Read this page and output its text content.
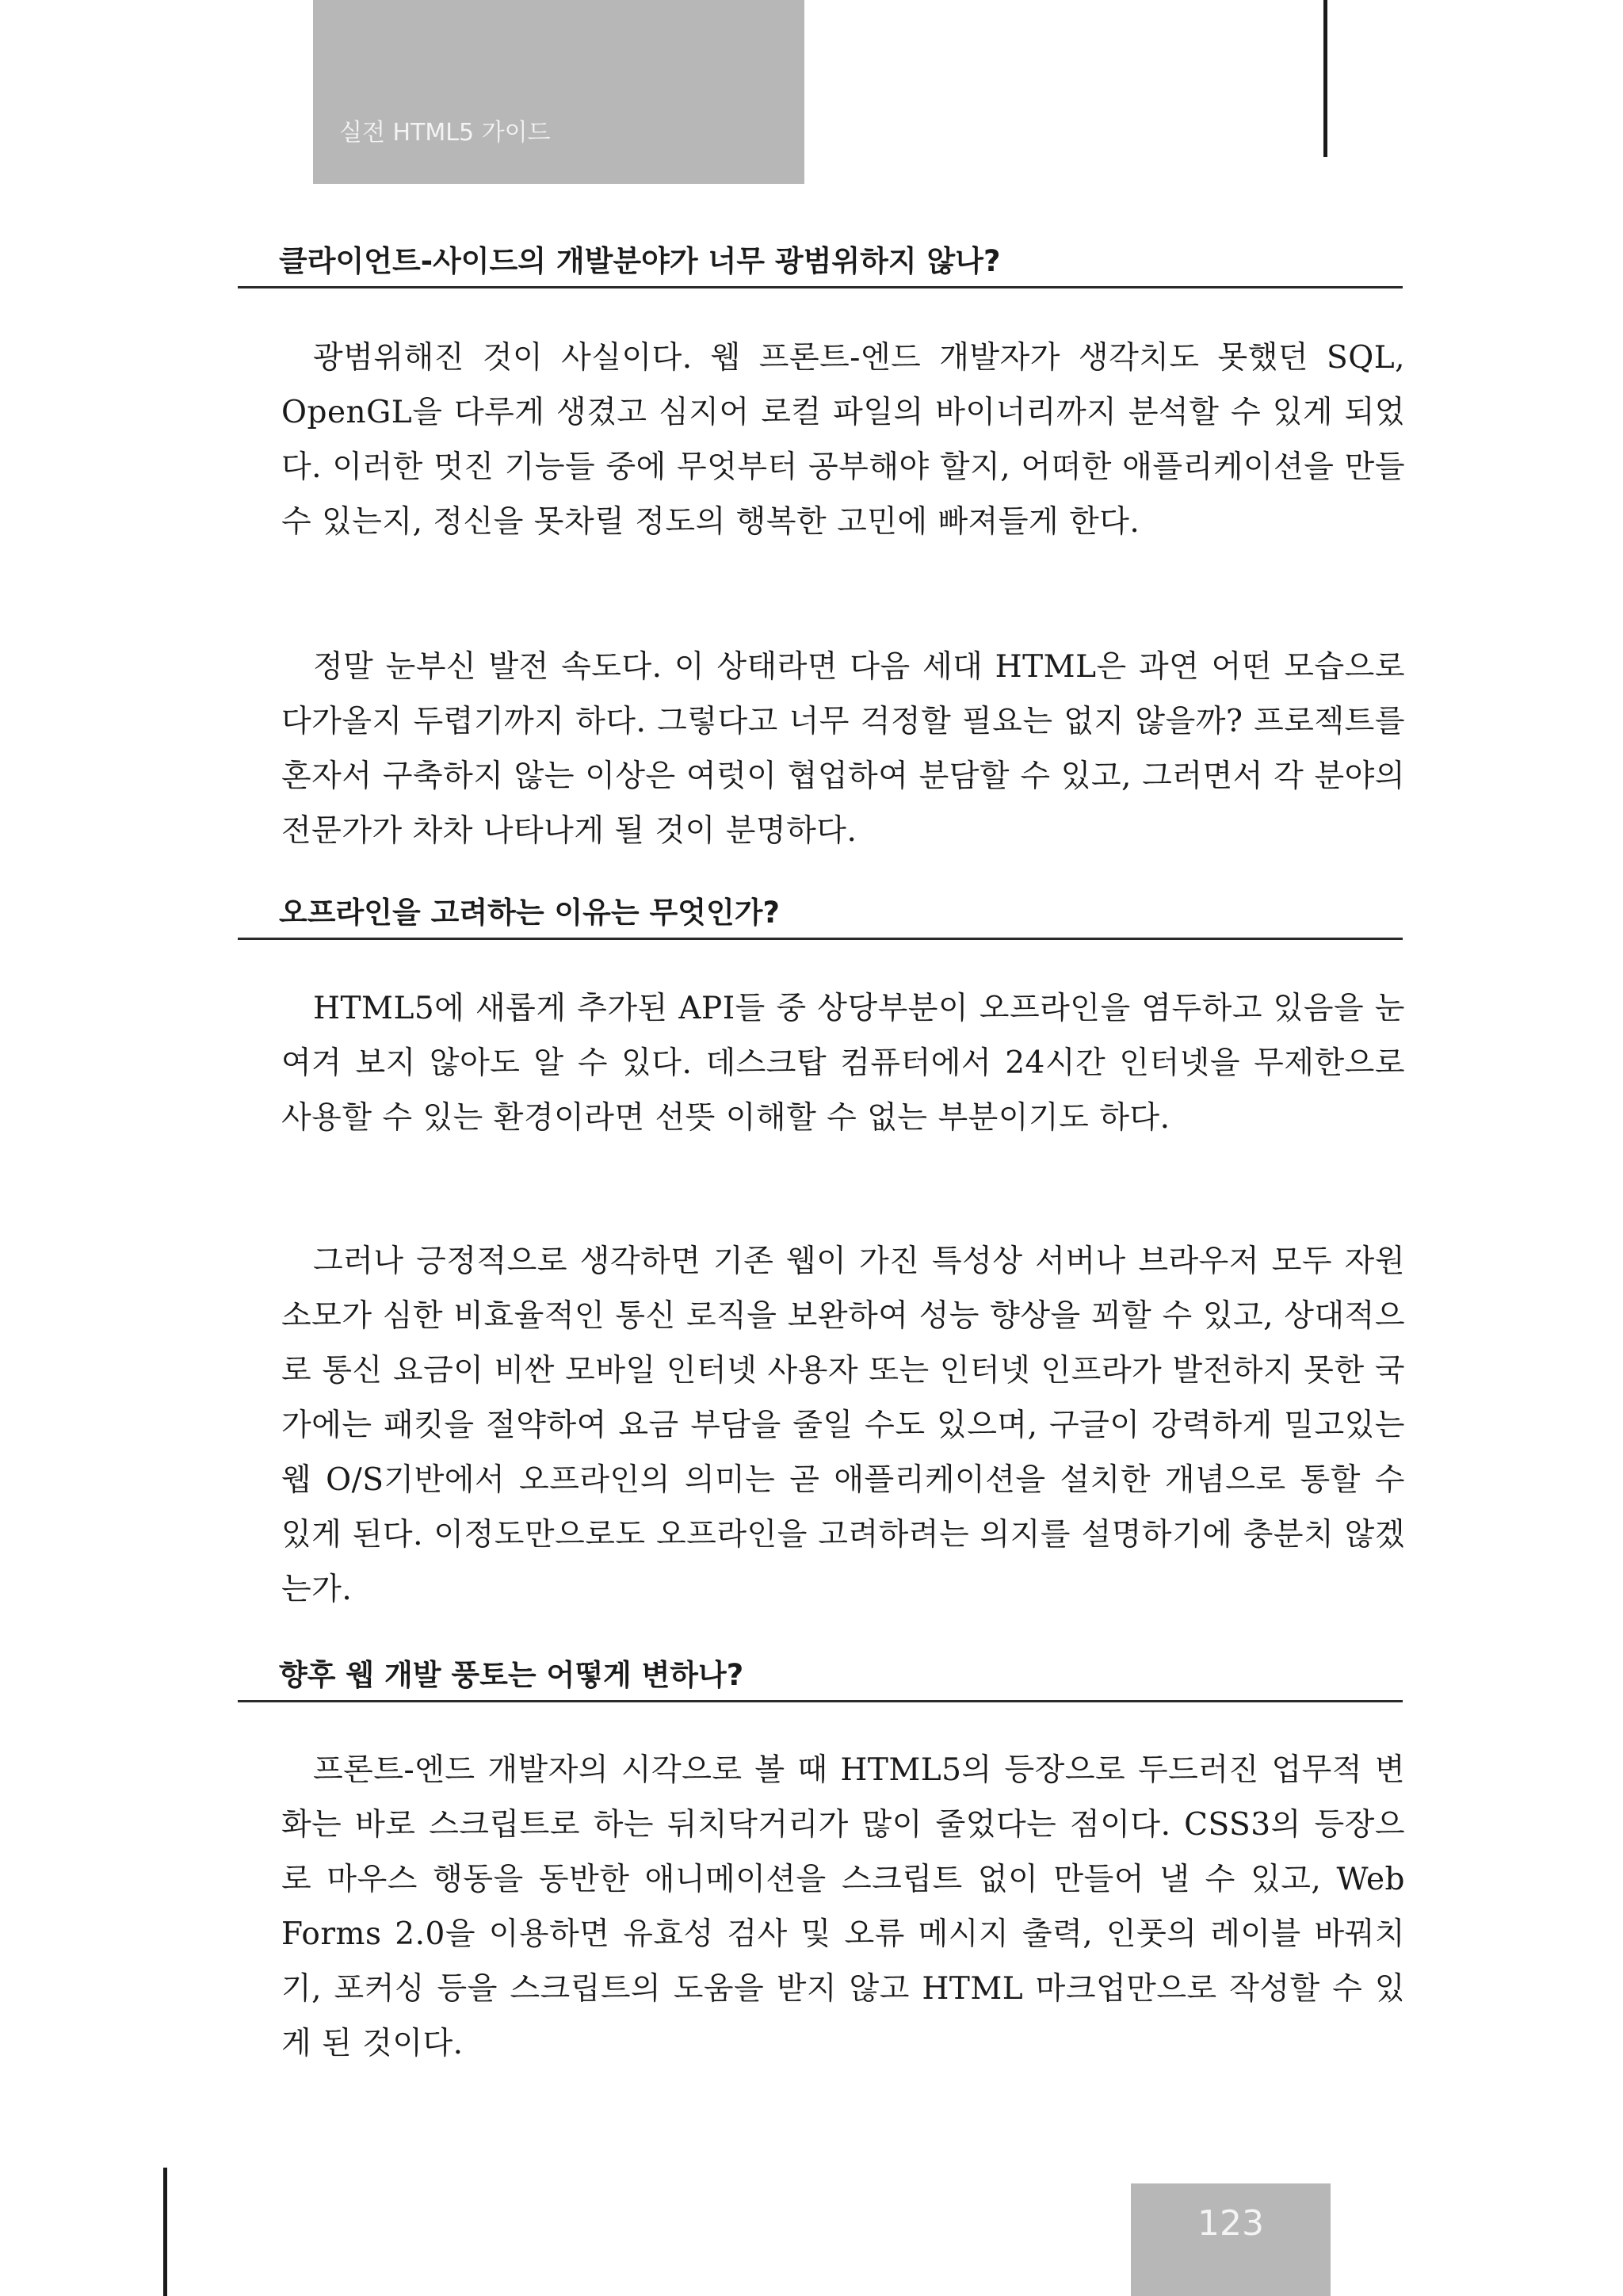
실전 HTML5 가이드
클라이언트-사이드의 개발분야가 너무 광범위하지 않나?

광범위해진 것이 사실이다. 웹 프론트-엔드 개발자가 생각치도 못했던 SQL, OpenGL을 다루게 생겼고 심지어 로컬 파일의 바이너리까지 분석할 수 있게 되었다. 이러한 멋진 기능들 중에 무엇부터 공부해야 할지, 어떠한 애플리케이션을 만들수 있는지, 정신을 못차릴 정도의 행복한 고민에 빠져들게 한다.

정말 눈부신 발전 속도다. 이 상태라면 다음 세대 HTML은 과연 어떤 모습으로 다가올지 두렵기까지 하다. 그렇다고 너무 걱정할 필요는 없지 않을까? 프로젝트를 혼자서 구축하지 않는 이상은 여럿이 협업하여 분담할 수 있고, 그러면서 각 분야의 전문가가 차차 나타나게 될 것이 분명하다.

오프라인을 고려하는 이유는 무엇인가?

HTML5에 새롭게 추가된 API들 중 상당부분이 오프라인을 염두하고 있음을 눈여겨 보지 않아도 알 수 있다. 데스크탑 컴퓨터에서 24시간 인터넷을 무제한으로 사용할 수 있는 환경이라면 선뜻 이해할 수 없는 부분이기도 하다.

그러나 긍정적으로 생각하면 기존 웹이 가진 특성상 서버나 브라우저 모두 자원 소모가 심한 비효율적인 통신 로직을 보완하여 성능 향상을 꾀할 수 있고, 상대적으로 통신 요금이 비싼 모바일 인터넷 사용자 또는 인터넷 인프라가 발전하지 못한 국가에는 패킷을 절약하여 요금 부담을 줄일 수도 있으며, 구글이 강력하게 밀고있는 웹 O/S기반에서 오프라인의 의미는 곧 애플리케이션을 설치한 개념으로 통할 수 있게 된다. 이정도만으로도 오프라인을 고려하려는 의지를 설명하기에 충분치 않겠는가.

향후 웹 개발 풍토는 어떻게 변하나?

프론트-엔드 개발자의 시각으로 볼 때 HTML5의 등장으로 두드러진 업무적 변화는 바로 스크립트로 하는 뒤치닥거리가 많이 줄었다는 점이다. CSS3의 등장으로 마우스 행동을 동반한 애니메이션을 스크립트 없이 만들어 낼 수 있고, Web Forms 2.0을 이용하면 유효성 검사 및 오류 메시지 출력, 인풋의 레이블 바꿔치기, 포커싱 등을 스크립트의 도움을 받지 않고 HTML 마크업만으로 작성할 수 있게 된 것이다.

123
